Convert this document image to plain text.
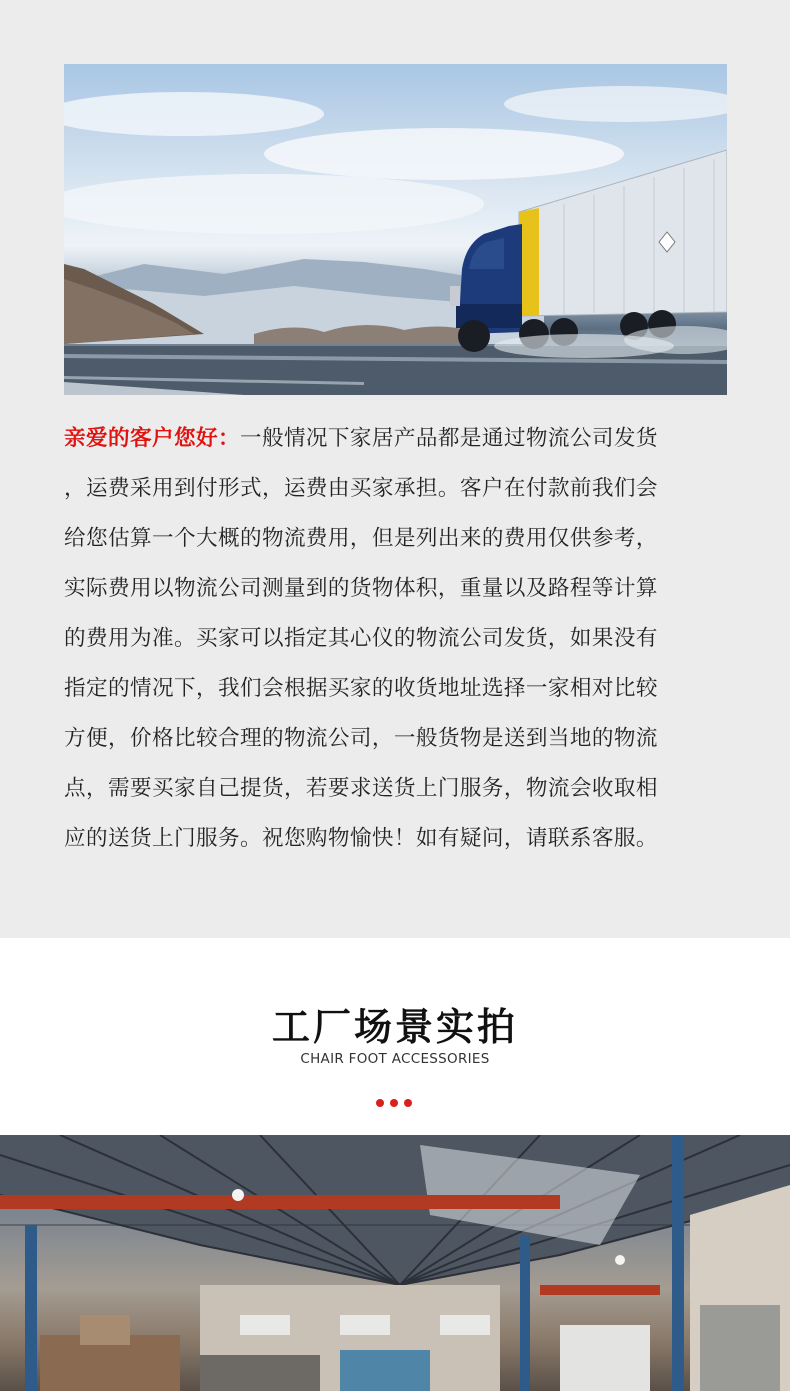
亲爱的客户您好：一般情况下家居产品都是通过物流公司发货
，运费采用到付形式，运费由买家承担。客户在付款前我们会
给您估算一个大概的物流费用，但是列出来的费用仅供参考，
实际费用以物流公司测量到的货物体积，重量以及路程等计算
的费用为准。买家可以指定其心仪的物流公司发货，如果没有
指定的情况下，我们会根据买家的收货地址选择一家相对比较
方便，价格比较合理的物流公司，一般货物是送到当地的物流
点，需要买家自己提货，若要求送货上门服务，物流会收取相
应的送货上门服务。祝您购物愉快！如有疑问，请联系客服。
工厂场景实拍
CHAIR FOOT ACCESSORIES
